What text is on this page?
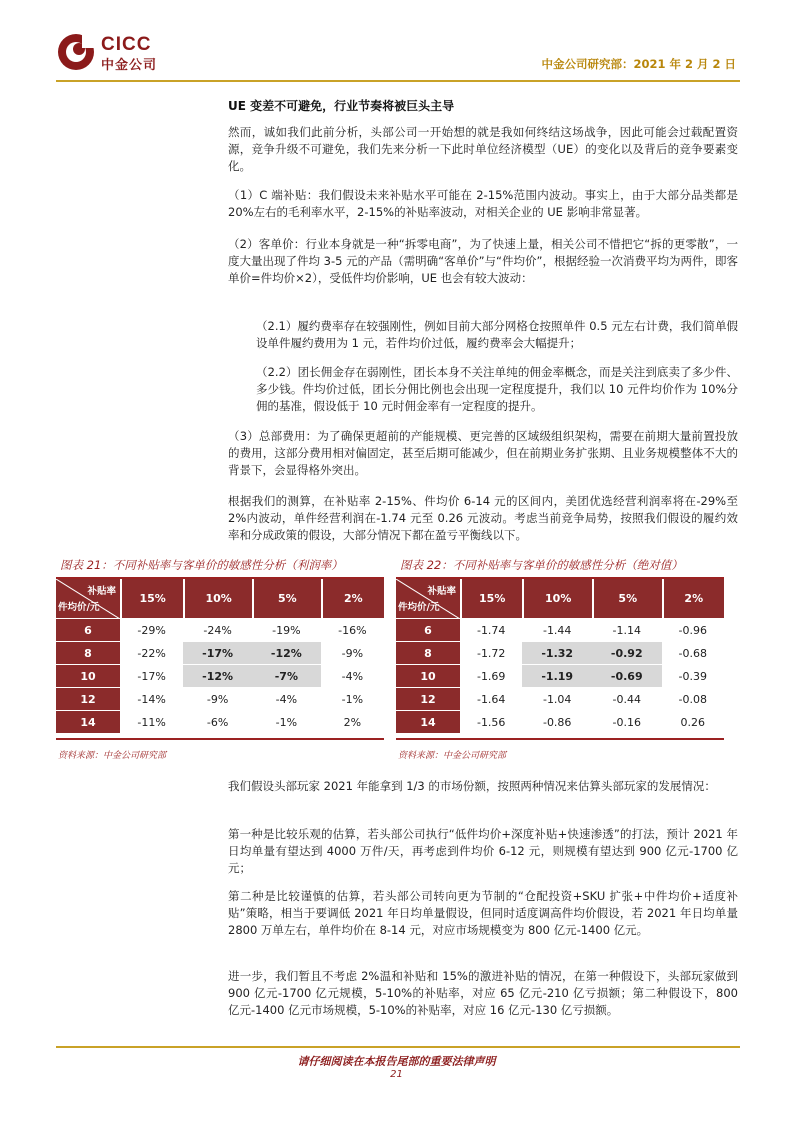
CICC
中金公司	中金公司研究部：2021 年 2 月 2 日
UE 变差不可避免，行业节奏将被巨头主导

然而，诚如我们此前分析，头部公司一开始想的就是我如何终结这场战争，因此可能会过载配置资源，竞争升级不可避免，我们先来分析一下此时单位经济模型（UE）的变化以及背后的竞争要素变化。

（1）C 端补贴：我们假设未来补贴水平可能在 2-15%范围内波动。事实上，由于大部分品类都是 20%左右的毛利率水平，2-15%的补贴率波动，对相关企业的 UE 影响非常显著。

（2）客单价：行业本身就是一种“拆零电商”，为了快速上量，相关公司不惜把它“拆的更零散”，一度大量出现了件均 3-5 元的产品（需明确“客单价”与“件均价”，根据经验一次消费平均为两件，即客单价=件均价×2），受低件均价影响，UE 也会有较大波动：

（2.1）履约费率存在较强刚性，例如目前大部分网格仓按照单件 0.5 元左右计费，我们简单假设单件履约费用为 1 元，若件均价过低，履约费率会大幅提升；

（2.2）团长佣金存在弱刚性，团长本身不关注单纯的佣金率概念，而是关注到底卖了多少件、多少钱。件均价过低，团长分佣比例也会出现一定程度提升，我们以 10 元件均价作为 10%分佣的基准，假设低于 10 元时佣金率有一定程度的提升。

（3）总部费用：为了确保更超前的产能规模、更完善的区域级组织架构，需要在前期大量前置投放的费用，这部分费用相对偏固定，甚至后期可能减少，但在前期业务扩张期、且业务规模整体不大的背景下，会显得格外突出。

根据我们的测算，在补贴率 2-15%、件均价 6-14 元的区间内，美团优选经营利润率将在-29%至 2%内波动，单件经营利润在-1.74 元至 0.26 元波动。考虑当前竞争局势，按照我们假设的履约效率和分成政策的假设，大部分情况下都在盈亏平衡线以下。

图表 21：不同补贴率与客单价的敏感性分析（利润率）
补贴率
件均价/元	15%	10%	5%	2%
6	-29%	-24%	-19%	-16%
8	-22%	-17%	-12%	-9%
10	-17%	-12%	-7%	-4%
12	-14%	-9%	-4%	-1%
14	-11%	-6%	-1%	2%
资料来源：中金公司研究部
图表 22：不同补贴率与客单价的敏感性分析（绝对值）
补贴率
件均价/元	15%	10%	5%	2%
6	-1.74	-1.44	-1.14	-0.96
8	-1.72	-1.32	-0.92	-0.68
10	-1.69	-1.19	-0.69	-0.39
12	-1.64	-1.04	-0.44	-0.08
14	-1.56	-0.86	-0.16	0.26
资料来源：中金公司研究部

我们假设头部玩家 2021 年能拿到 1/3 的市场份额，按照两种情况来估算头部玩家的发展情况：

第一种是比较乐观的估算，若头部公司执行“低件均价+深度补贴+快速渗透”的打法，预计 2021 年日均单量有望达到 4000 万件/天，再考虑到件均价 6-12 元，则规模有望达到 900 亿元-1700 亿元；

第二种是比较谨慎的估算，若头部公司转向更为节制的“仓配投资+SKU 扩张+中件均价+适度补贴”策略，相当于要调低 2021 年日均单量假设，但同时适度调高件均价假设，若 2021 年日均单量 2800 万单左右，单件均价在 8-14 元，对应市场规模变为 800 亿元-1400 亿元。

进一步，我们暂且不考虑 2%温和补贴和 15%的激进补贴的情况，在第一种假设下，头部玩家做到 900 亿元-1700 亿元规模，5-10%的补贴率，对应 65 亿元-210 亿亏损额；第二种假设下，800 亿元-1400 亿元市场规模，5-10%的补贴率，对应 16 亿元-130 亿亏损额。

请仔细阅读在本报告尾部的重要法律声明
21
